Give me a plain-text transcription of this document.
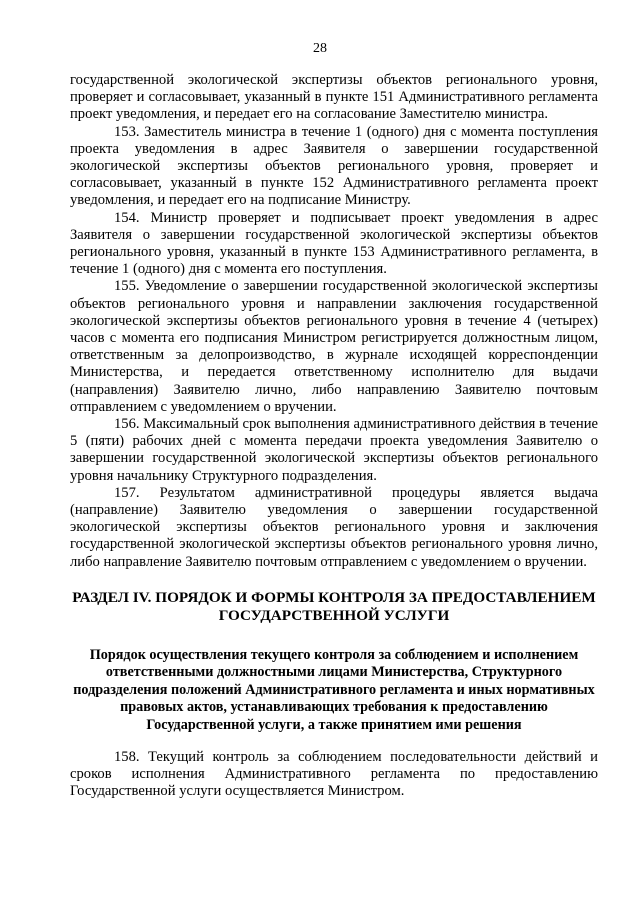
28

государственной экологической экспертизы объектов регионального уровня, проверяет и согласовывает, указанный в пункте 151 Административного регламента проект уведомления, и передает его на согласование Заместителю министра.

153. Заместитель министра в течение 1 (одного) дня с момента поступления проекта уведомления в адрес Заявителя о завершении государственной экологической экспертизы объектов регионального уровня, проверяет и согласовывает, указанный в пункте 152 Административного регламента проект уведомления, и передает его на подписание Министру.

154. Министр проверяет и подписывает проект уведомления в адрес Заявителя о завершении государственной экологической экспертизы объектов регионального уровня, указанный в пункте 153 Административного регламента, в течение 1 (одного) дня с момента его поступления.

155. Уведомление о завершении государственной экологической экспертизы объектов регионального уровня и направлении заключения государственной экологической экспертизы объектов регионального уровня в течение 4 (четырех) часов с момента его подписания Министром регистрируется должностным лицом, ответственным за делопроизводство, в журнале исходящей корреспонденции Министерства, и передается ответственному исполнителю для выдачи (направления) Заявителю лично, либо направлению Заявителю почтовым отправлением с уведомлением о вручении.

156. Максимальный срок выполнения административного действия в течение 5 (пяти) рабочих дней с момента передачи проекта уведомления Заявителю о завершении государственной экологической экспертизы объектов регионального уровня начальнику Структурного подразделения.

157. Результатом административной процедуры является выдача (направление) Заявителю уведомления о завершении государственной экологической экспертизы объектов регионального уровня и заключения государственной экологической экспертизы объектов регионального уровня лично, либо направление Заявителю почтовым отправлением с уведомлением о вручении.

РАЗДЕЛ IV. ПОРЯДОК И ФОРМЫ КОНТРОЛЯ ЗА ПРЕДОСТАВЛЕНИЕМ ГОСУДАРСТВЕННОЙ УСЛУГИ
Порядок осуществления текущего контроля за соблюдением и исполнением ответственными должностными лицами Министерства, Структурного подразделения положений Административного регламента и иных нормативных правовых актов, устанавливающих требования к предоставлению Государственной услуги, а также принятием ими решения

158. Текущий контроль за соблюдением последовательности действий и сроков исполнения Административного регламента по предоставлению Государственной услуги осуществляется Министром.
